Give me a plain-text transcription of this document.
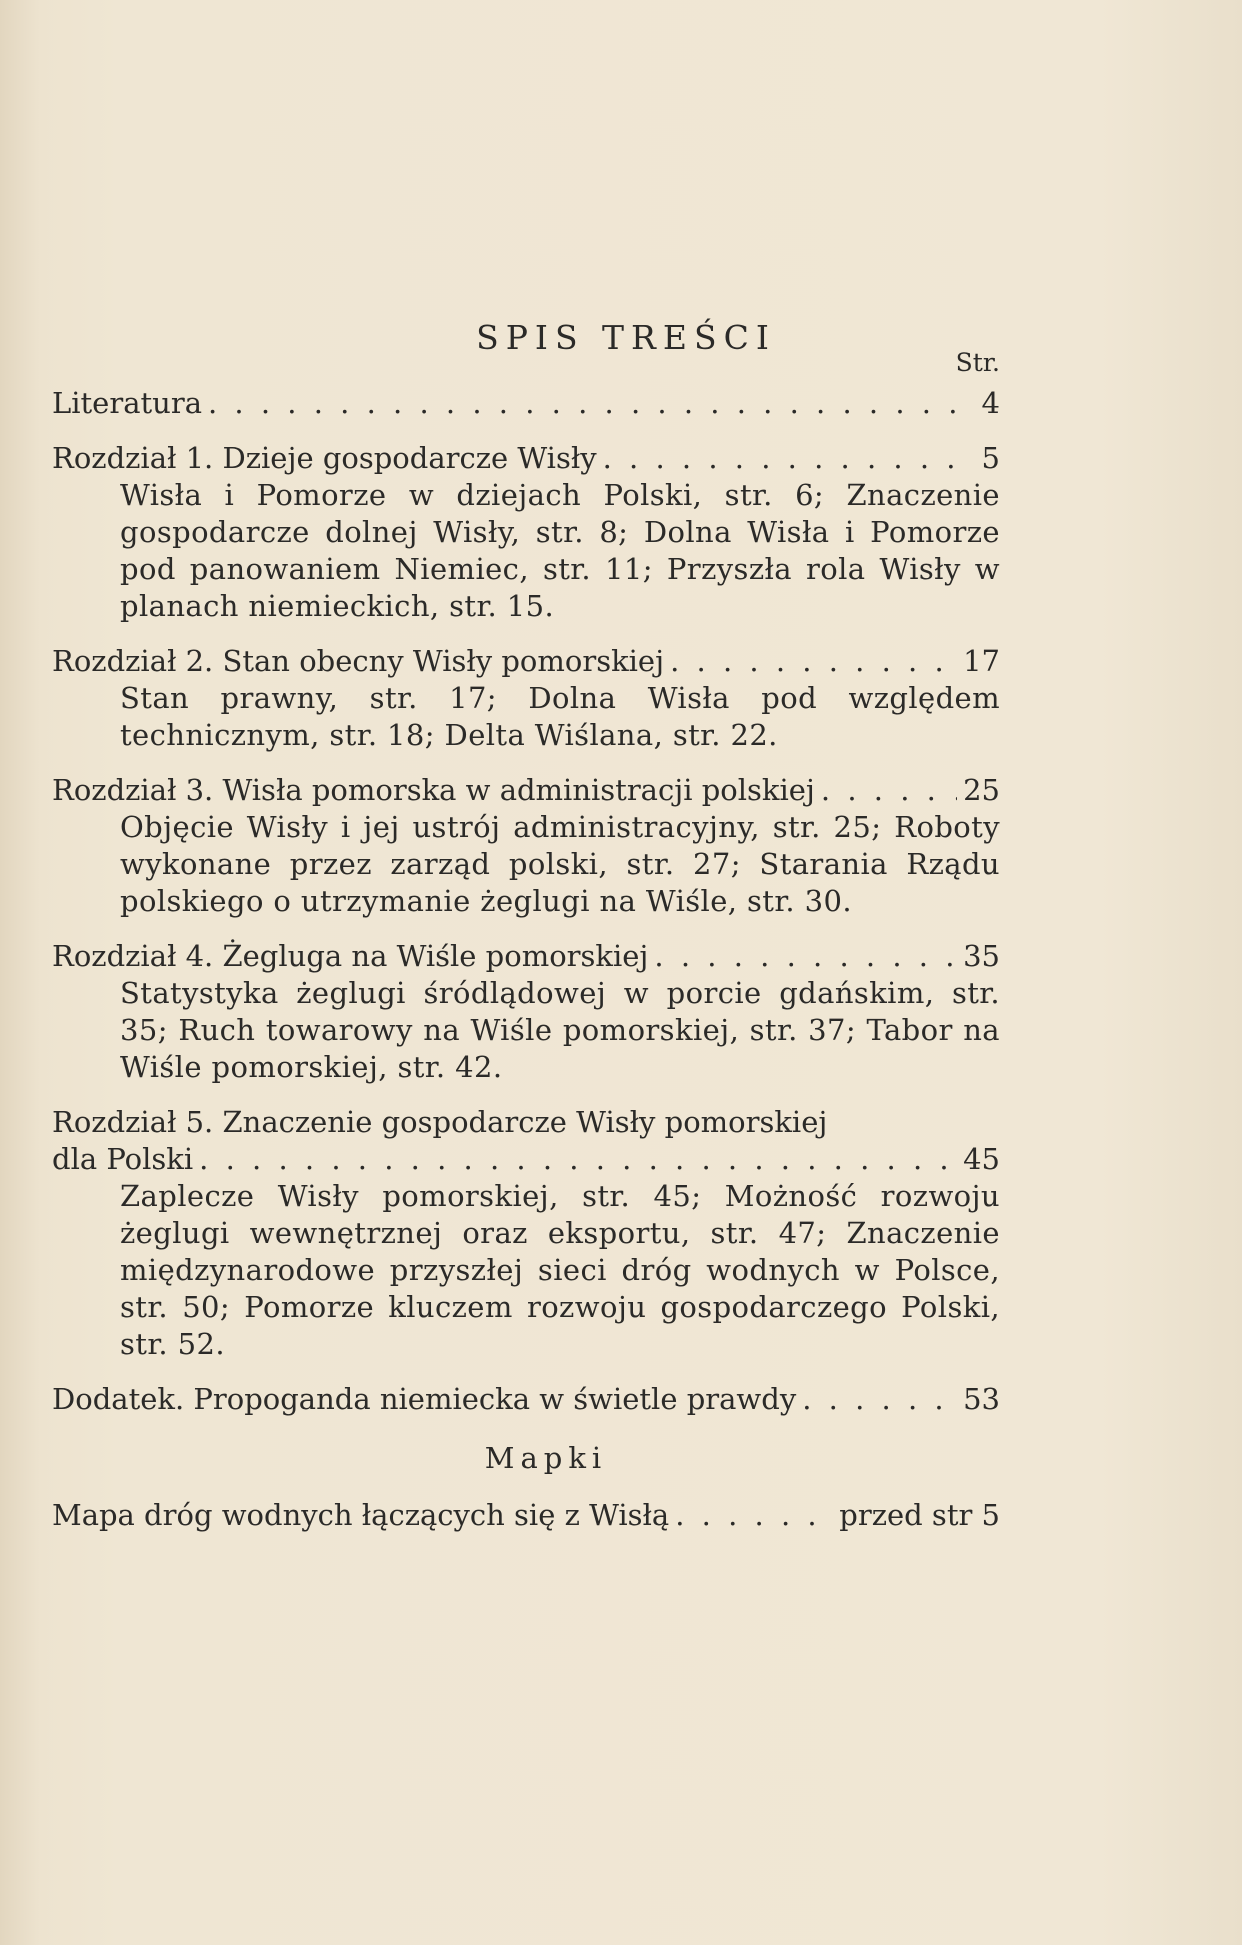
SPIS TREŚCI
Str.
Literatura . . .	4
Rozdział 1. Dzieje gospodarcze Wisły . . .	5
Wisła i Pomorze w dziejach Polski, str. 6; Znaczenie gospodarcze dolnej Wisły, str. 8; Dolna Wisła i Pomorze pod panowaniem Niemiec, str. 11; Przyszła rola Wisły w planach niemieckich, str. 15.
Rozdział 2. Stan obecny Wisły pomorskiej . . .	17
Stan prawny, str. 17; Dolna Wisła pod względem technicznym, str. 18; Delta Wiślana, str. 22.
Rozdział 3. Wisła pomorska w administracji polskiej . . .	25
Objęcie Wisły i jej ustrój administracyjny, str. 25; Roboty wykonane przez zarząd polski, str. 27; Starania Rządu polskiego o utrzymanie żeglugi na Wiśle, str. 30.
Rozdział 4. Żegluga na Wiśle pomorskiej . . .	35
Statystyka żeglugi śródlądowej w porcie gdańskim, str. 35; Ruch towarowy na Wiśle pomorskiej, str. 37; Tabor na Wiśle pomorskiej, str. 42.
Rozdział 5. Znaczenie gospodarcze Wisły pomorskiej
dla Polski . . .	45
Zaplecze Wisły pomorskiej, str. 45; Możność rozwoju żeglugi wewnętrznej oraz eksportu, str. 47; Znaczenie międzynarodowe przyszłej sieci dróg wodnych w Polsce, str. 50; Pomorze kluczem rozwoju gospodarczego Polski, str. 52.
Dodatek. Propoganda niemiecka w świetle prawdy . . .	53
Mapki
Mapa dróg wodnych łączących się z Wisłą . . .	przed str 5
